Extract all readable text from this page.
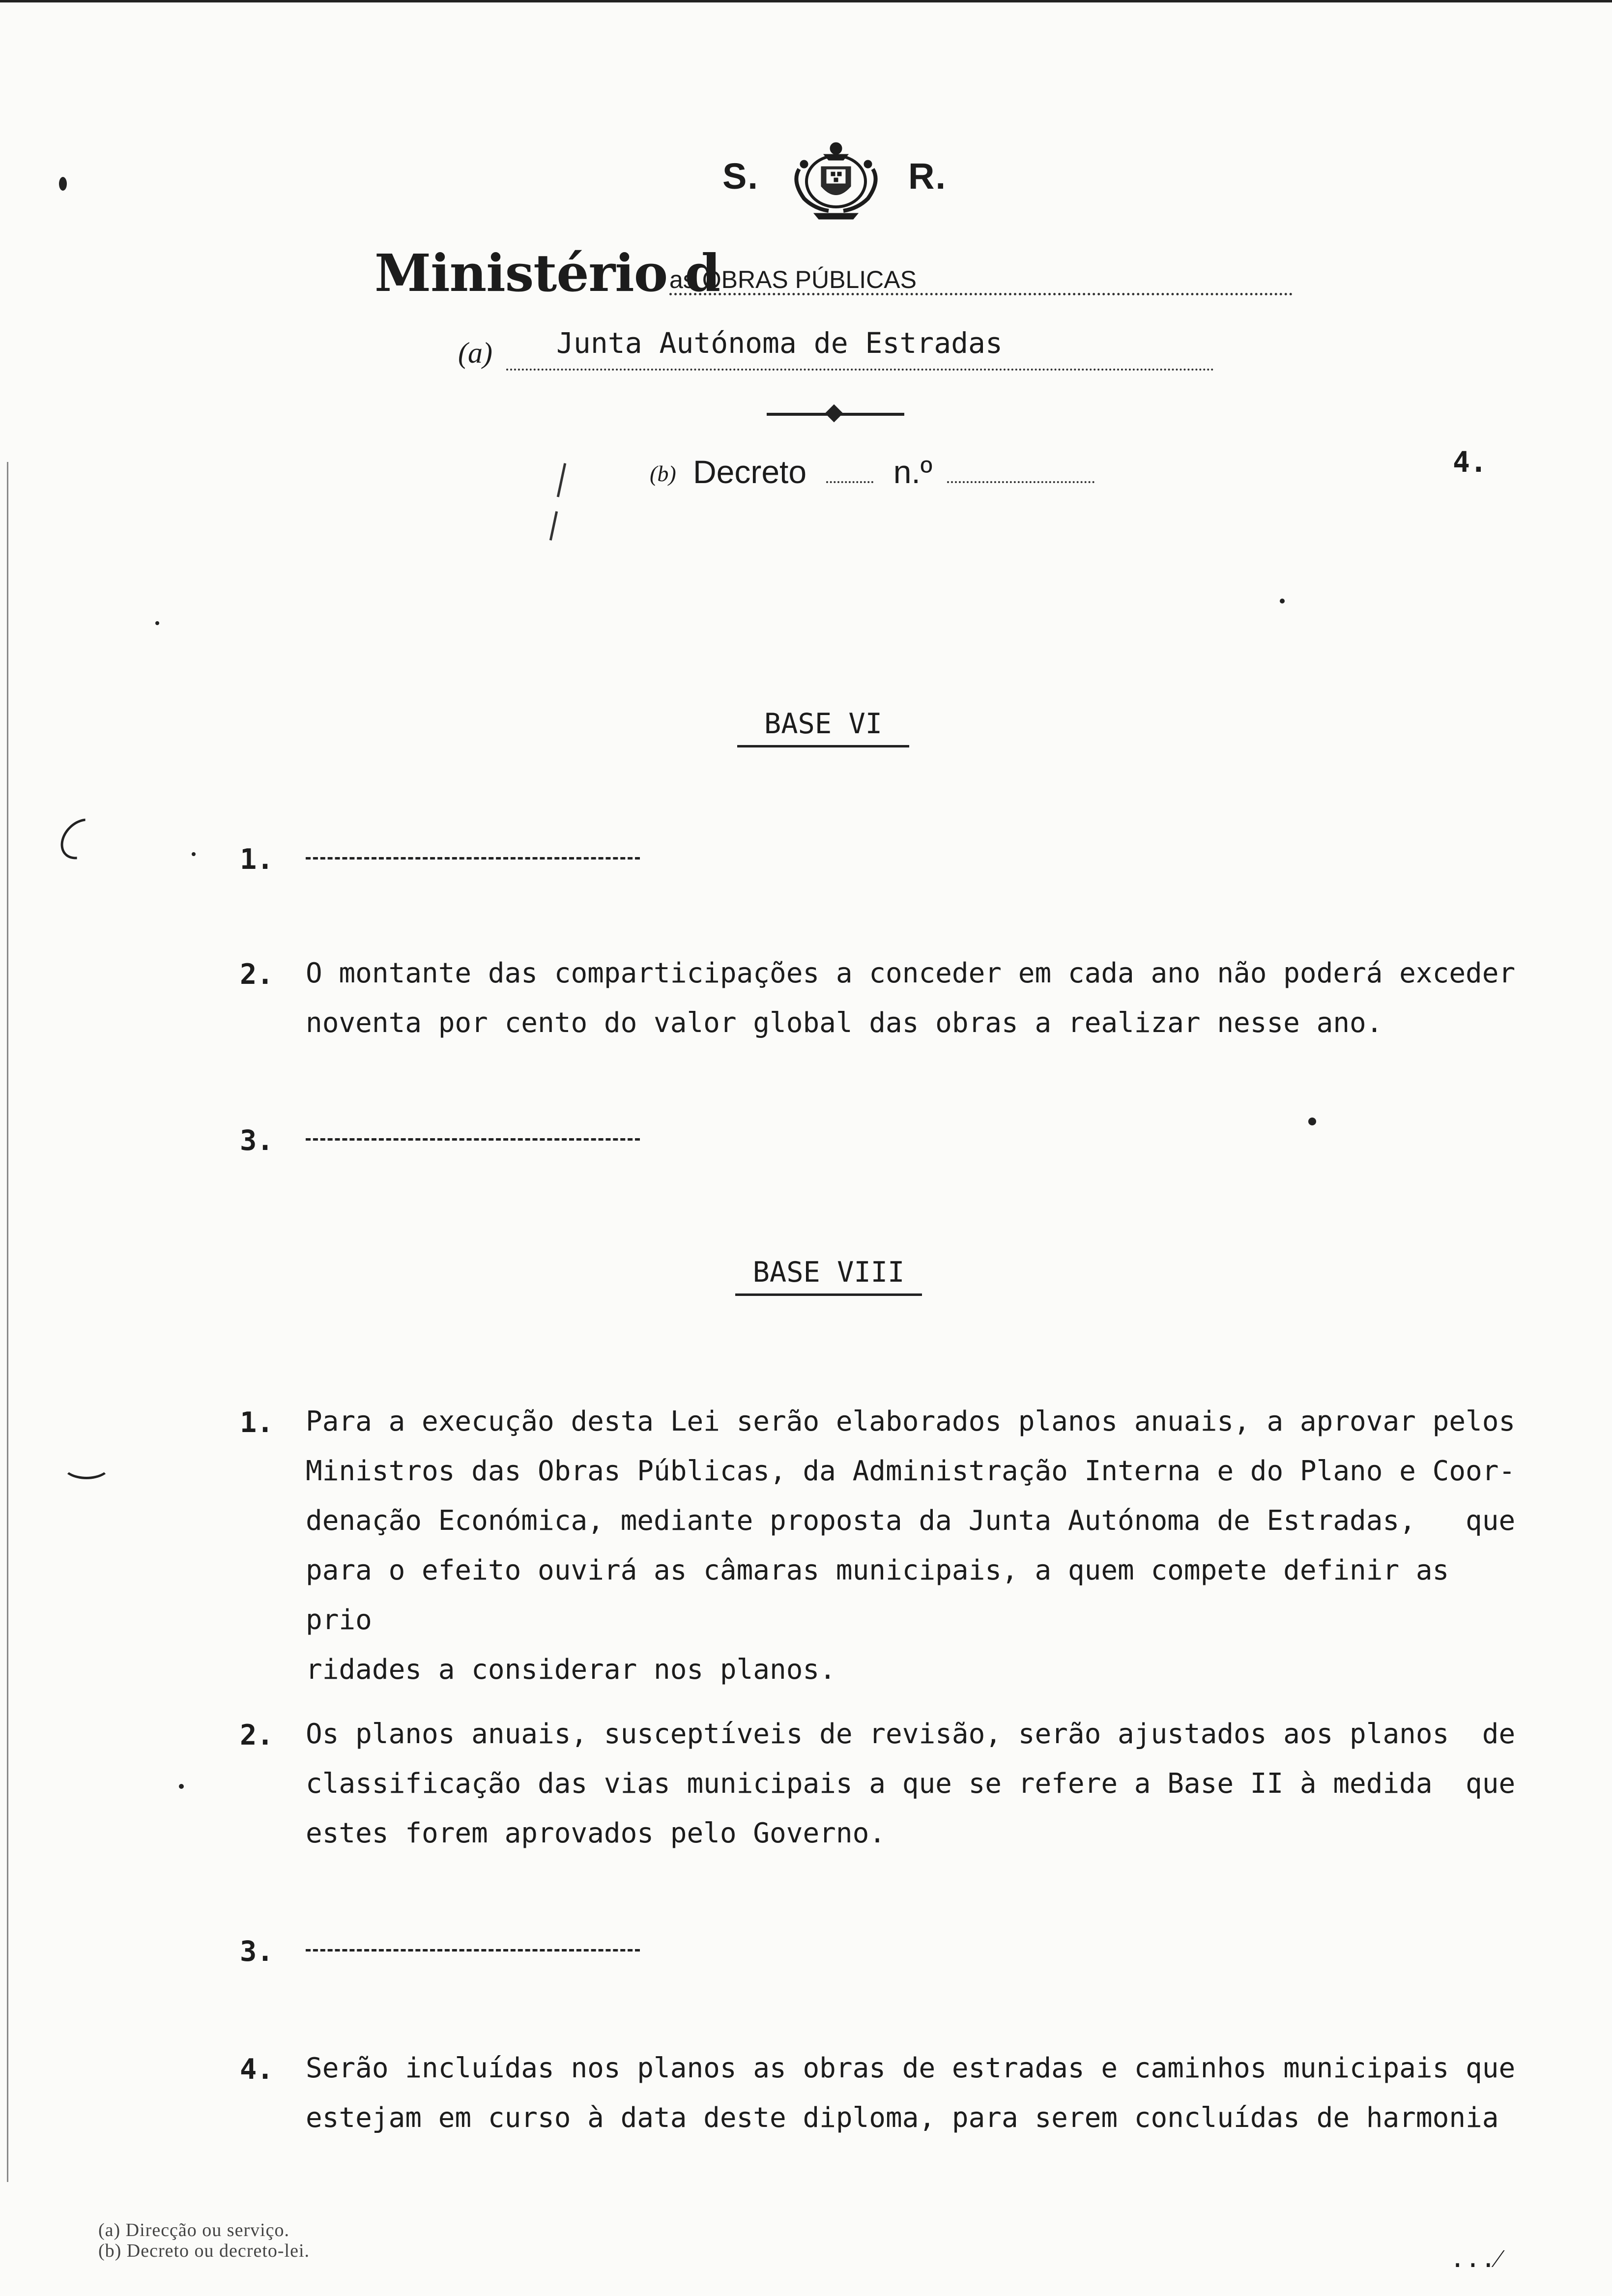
S.	R.
Ministério d
as OBRAS PÚBLICAS
(a) Junta Autónoma de Estradas
(b) Decreto	n.º	4.
BASE VI
1.
2. O montante das comparticipações a conceder em cada ano não poderá exceder
noventa por cento do valor global das obras a realizar nesse ano.
3.
BASE VIII
1. Para a execução desta Lei serão elaborados planos anuais, a aprovar pelos
Ministros das Obras Públicas, da Administração Interna e do Plano e Coor-
denação Económica, mediante proposta da Junta Autónoma de Estradas,   que
para o efeito ouvirá as câmaras municipais, a quem compete definir as prio
ridades a considerar nos planos.
2. Os planos anuais, susceptíveis de revisão, serão ajustados aos planos  de
classificação das vias municipais a que se refere a Base II à medida  que
estes forem aprovados pelo Governo.
3.
4. Serão incluídas nos planos as obras de estradas e caminhos municipais que
estejam em curso à data deste diploma, para serem concluídas de harmonia
(a) Direcção ou serviço.
(b) Decreto ou decreto-lei.	...⁄
